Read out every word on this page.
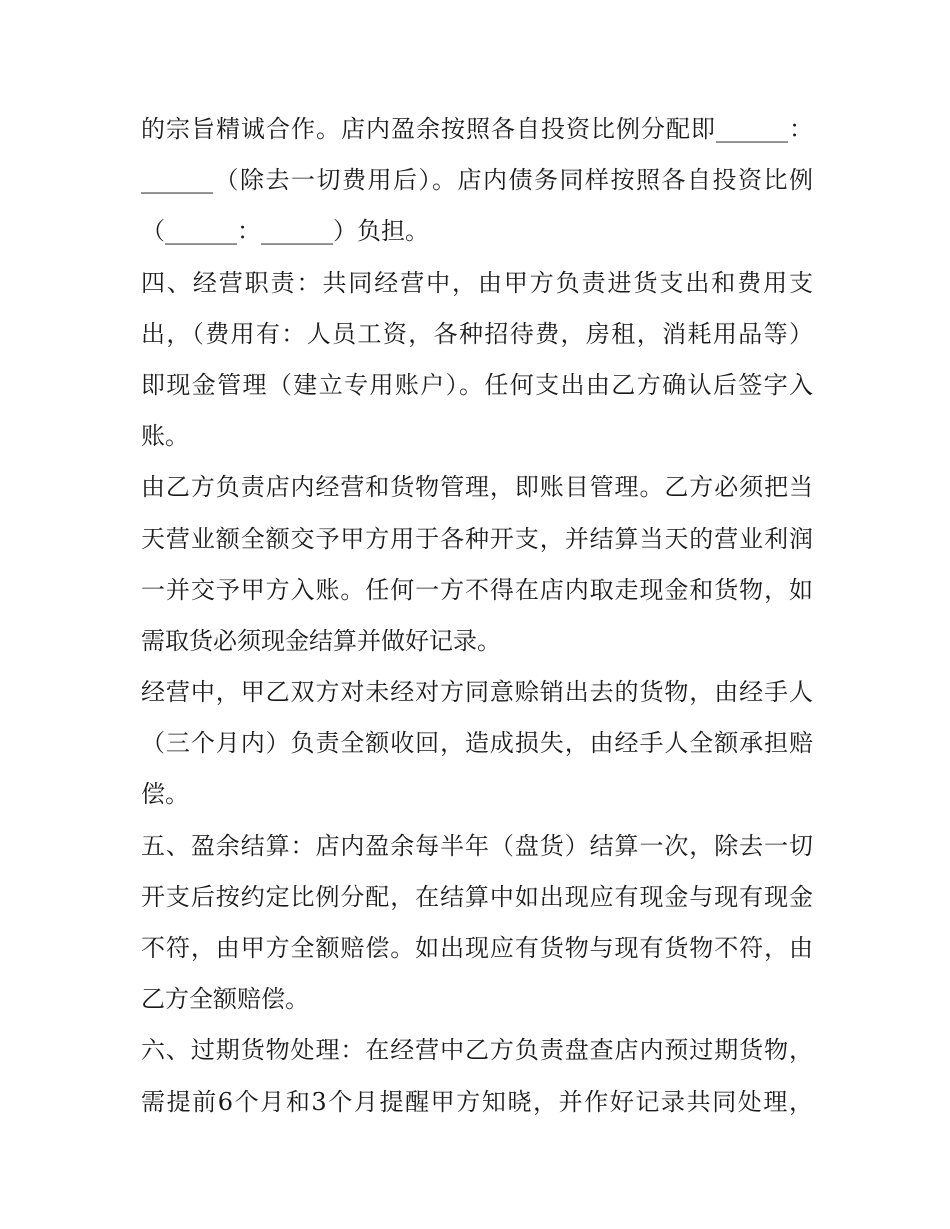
的宗旨精诚合作。店内盈余按照各自投资比例分配即______：
______（除去一切费用后）。店内债务同样按照各自投资比例
（______：______）负担。
四、经营职责：共同经营中，由甲方负责进货支出和费用支
出，（费用有：人员工资，各种招待费，房租，消耗用品等）
即现金管理（建立专用账户）。任何支出由乙方确认后签字入
账。
由乙方负责店内经营和货物管理，即账目管理。乙方必须把当
天营业额全额交予甲方用于各种开支，并结算当天的营业利润
一并交予甲方入账。任何一方不得在店内取走现金和货物，如
需取货必须现金结算并做好记录。
经营中，甲乙双方对未经对方同意赊销出去的货物，由经手人
（三个月内）负责全额收回，造成损失，由经手人全额承担赔
偿。
五、盈余结算：店内盈余每半年（盘货）结算一次，除去一切
开支后按约定比例分配，在结算中如出现应有现金与现有现金
不符，由甲方全额赔偿。如出现应有货物与现有货物不符，由
乙方全额赔偿。
六、过期货物处理：在经营中乙方负责盘查店内预过期货物，
需提前6个月和3个月提醒甲方知晓，并作好记录共同处理，
